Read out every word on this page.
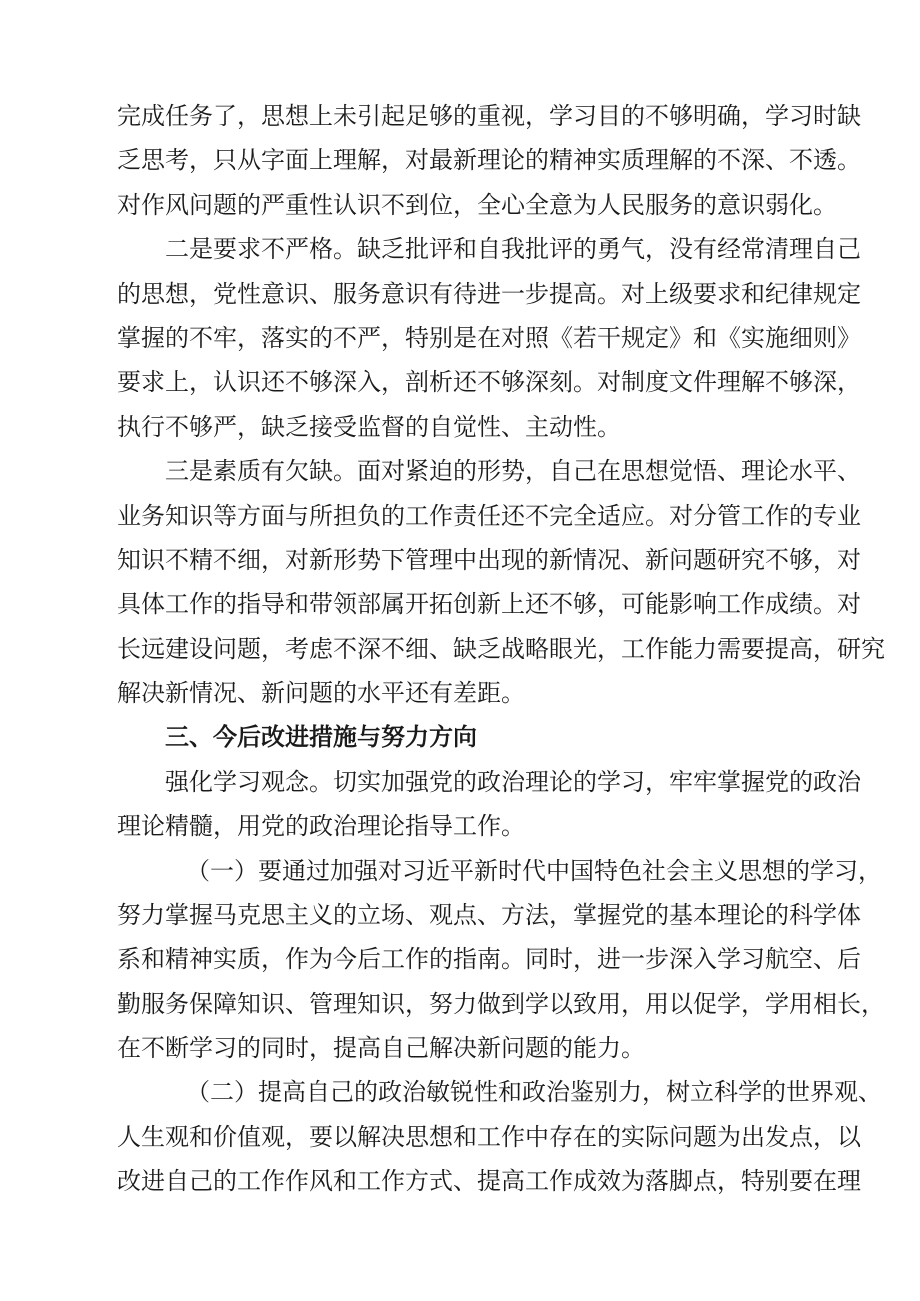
完成任务了，思想上未引起足够的重视，学习目的不够明确，学习时缺
乏思考，只从字面上理解，对最新理论的精神实质理解的不深、不透。
对作风问题的严重性认识不到位，全心全意为人民服务的意识弱化。
二是要求不严格。缺乏批评和自我批评的勇气，没有经常清理自己
的思想，党性意识、服务意识有待进一步提高。对上级要求和纪律规定
掌握的不牢，落实的不严，特别是在对照《若干规定》和《实施细则》
要求上，认识还不够深入，剖析还不够深刻。对制度文件理解不够深，
执行不够严，缺乏接受监督的自觉性、主动性。
三是素质有欠缺。面对紧迫的形势，自己在思想觉悟、理论水平、
业务知识等方面与所担负的工作责任还不完全适应。对分管工作的专业
知识不精不细，对新形势下管理中出现的新情况、新问题研究不够，对
具体工作的指导和带领部属开拓创新上还不够，可能影响工作成绩。对
长远建设问题，考虑不深不细、缺乏战略眼光，工作能力需要提高，研究
解决新情况、新问题的水平还有差距。
三、今后改进措施与努力方向
强化学习观念。切实加强党的政治理论的学习，牢牢掌握党的政治
理论精髓，用党的政治理论指导工作。
（一）要通过加强对习近平新时代中国特色社会主义思想的学习，
努力掌握马克思主义的立场、观点、方法，掌握党的基本理论的科学体
系和精神实质，作为今后工作的指南。同时，进一步深入学习航空、后
勤服务保障知识、管理知识，努力做到学以致用，用以促学，学用相长，
在不断学习的同时，提高自己解决新问题的能力。
（二）提高自己的政治敏锐性和政治鉴别力，树立科学的世界观、
人生观和价值观，要以解决思想和工作中存在的实际问题为出发点，以
改进自己的工作作风和工作方式、提高工作成效为落脚点，特别要在理
